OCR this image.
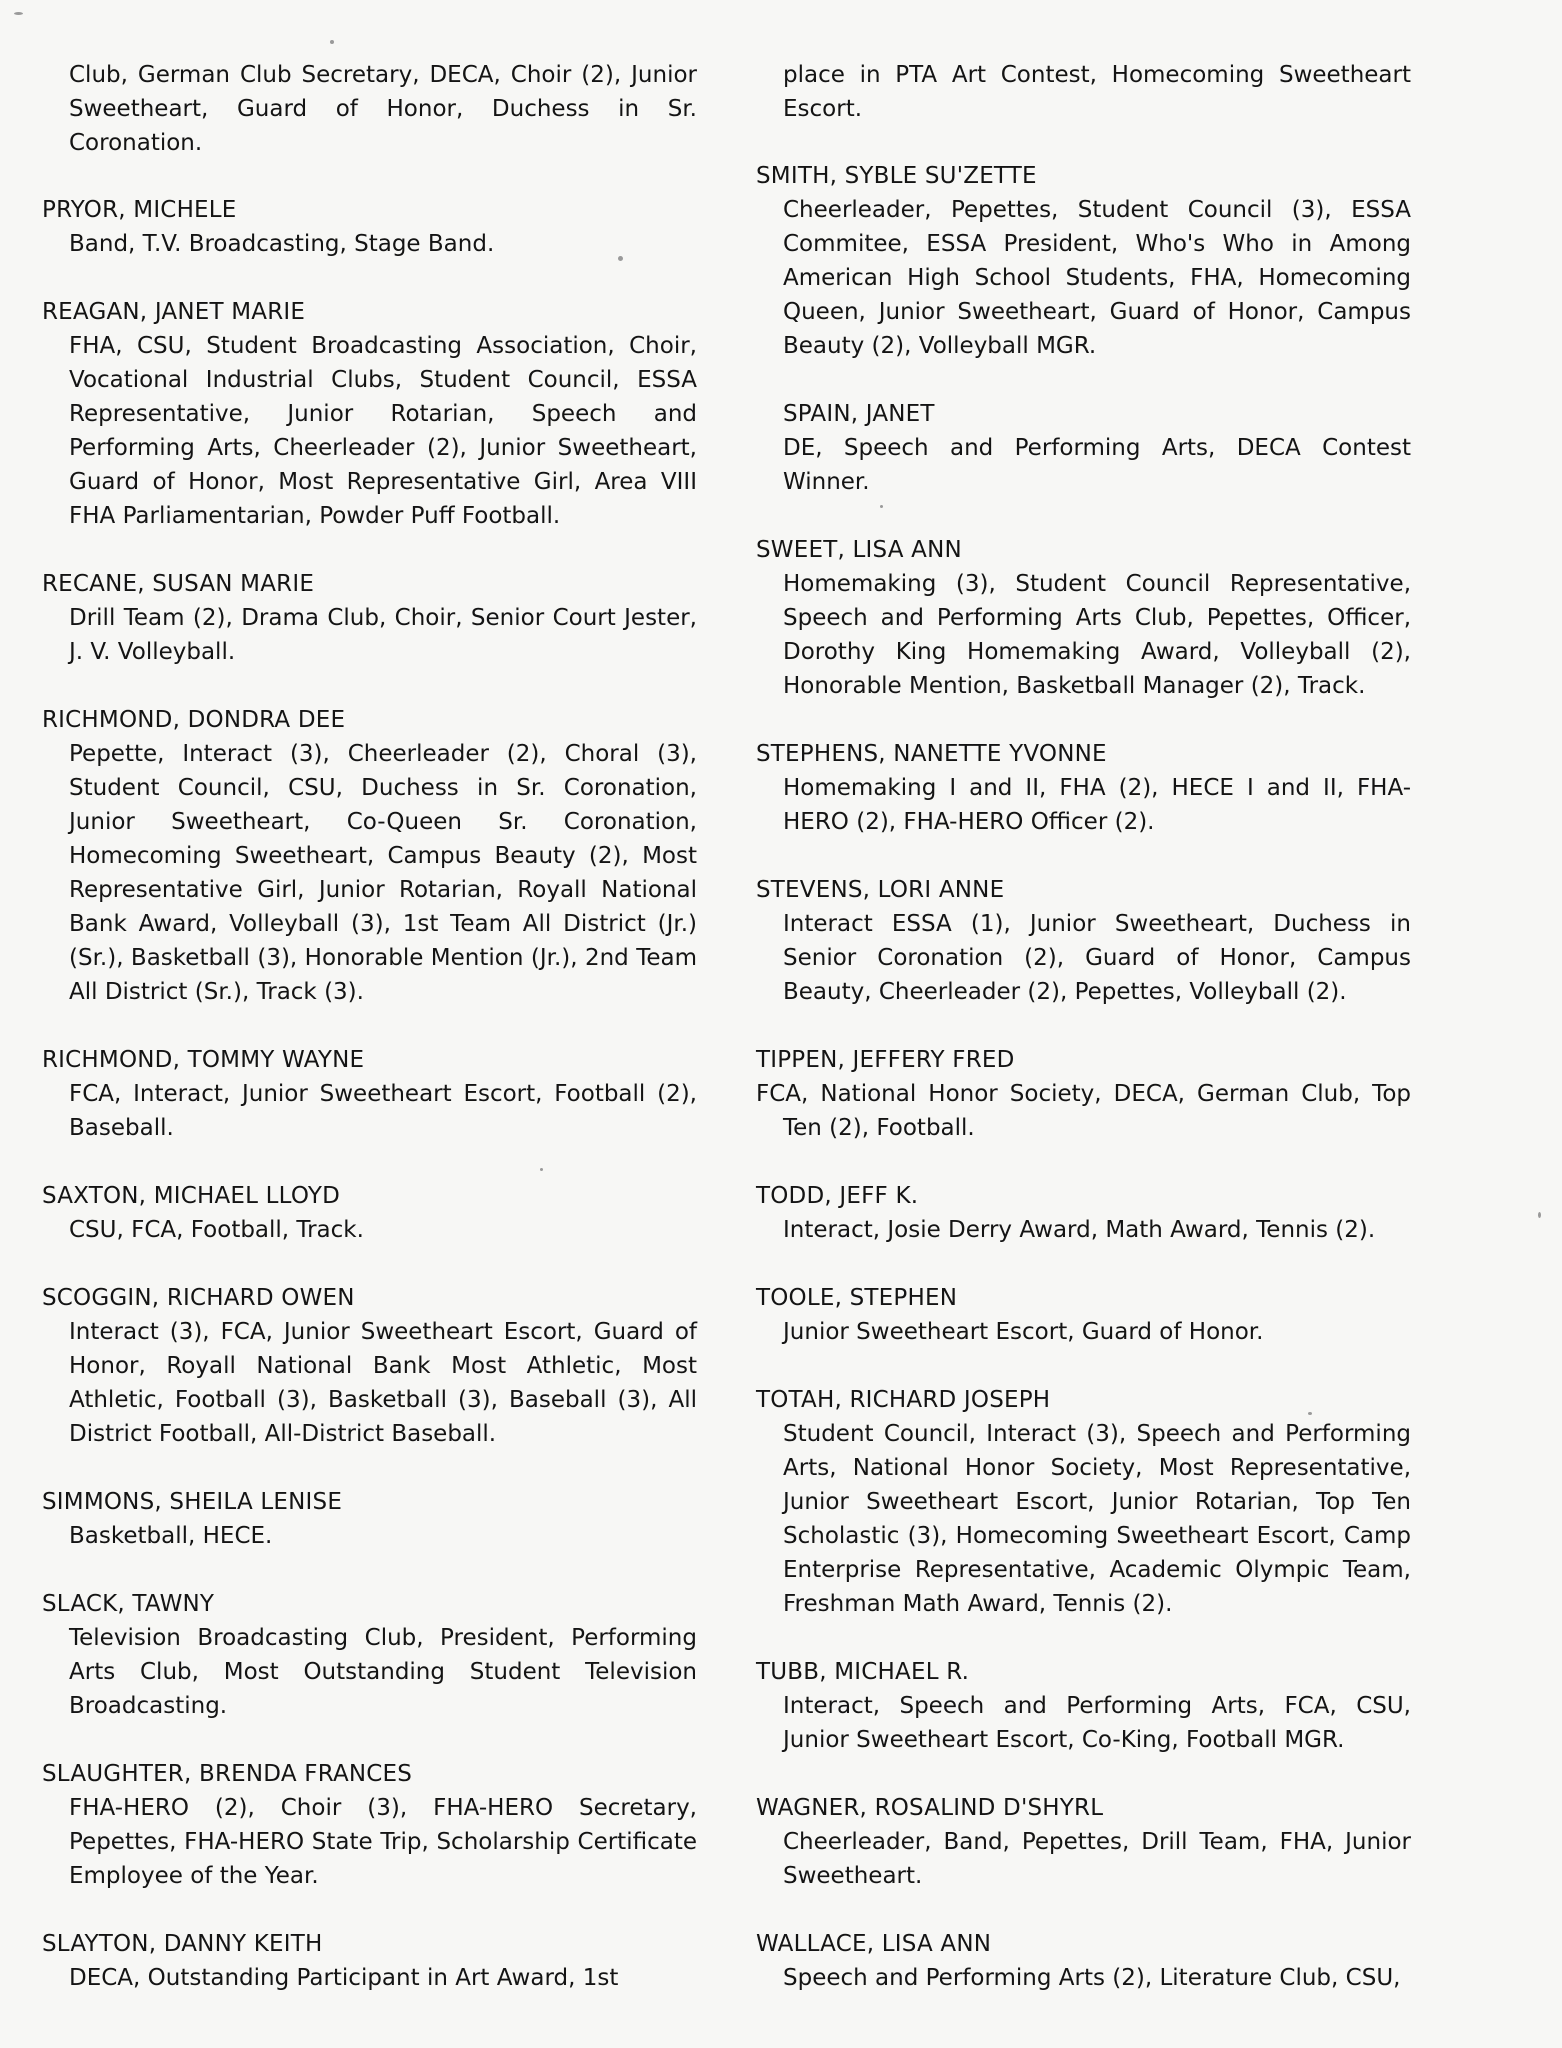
Club, German Club Secretary, DECA, Choir (2), Junior Sweetheart, Guard of Honor, Duchess in Sr. Coronation.
PRYOR, MICHELE
Band, T.V. Broadcasting, Stage Band.
REAGAN, JANET MARIE
FHA, CSU, Student Broadcasting Association, Choir, Vocational Industrial Clubs, Student Council, ESSA Representative, Junior Rotarian, Speech and Performing Arts, Cheerleader (2), Junior Sweetheart, Guard of Honor, Most Representative Girl, Area VIII FHA Parliamentarian, Powder Puff Football.
RECANE, SUSAN MARIE
Drill Team (2), Drama Club, Choir, Senior Court Jester, J. V. Volleyball.
RICHMOND, DONDRA DEE
Pepette, Interact (3), Cheerleader (2), Choral (3), Student Council, CSU, Duchess in Sr. Coronation, Junior Sweetheart, Co-Queen Sr. Coronation, Homecoming Sweetheart, Campus Beauty (2), Most Representative Girl, Junior Rotarian, Royall National Bank Award, Volleyball (3), 1st Team All District (Jr.) (Sr.), Basketball (3), Honorable Mention (Jr.), 2nd Team All District (Sr.), Track (3).
RICHMOND, TOMMY WAYNE
FCA, Interact, Junior Sweetheart Escort, Football (2), Baseball.
SAXTON, MICHAEL LLOYD
CSU, FCA, Football, Track.
SCOGGIN, RICHARD OWEN
Interact (3), FCA, Junior Sweetheart Escort, Guard of Honor, Royall National Bank Most Athletic, Most Athletic, Football (3), Basketball (3), Baseball (3), All District Football, All-District Baseball.
SIMMONS, SHEILA LENISE
Basketball, HECE.
SLACK, TAWNY
Television Broadcasting Club, President, Performing Arts Club, Most Outstanding Student Television Broadcasting.
SLAUGHTER, BRENDA FRANCES
FHA-HERO (2), Choir (3), FHA-HERO Secretary, Pepettes, FHA-HERO State Trip, Scholarship Certificate Employee of the Year.
SLAYTON, DANNY KEITH
DECA, Outstanding Participant in Art Award, 1st
place in PTA Art Contest, Homecoming Sweetheart Escort.
SMITH, SYBLE SU'ZETTE
Cheerleader, Pepettes, Student Council (3), ESSA Commitee, ESSA President, Who's Who in Among American High School Students, FHA, Homecoming Queen, Junior Sweetheart, Guard of Honor, Campus Beauty (2), Volleyball MGR.
SPAIN, JANET
DE, Speech and Performing Arts, DECA Contest Winner.
SWEET, LISA ANN
Homemaking (3), Student Council Representative, Speech and Performing Arts Club, Pepettes, Officer, Dorothy King Homemaking Award, Volleyball (2), Honorable Mention, Basketball Manager (2), Track.
STEPHENS, NANETTE YVONNE
Homemaking I and II, FHA (2), HECE I and II, FHA-HERO (2), FHA-HERO Officer (2).
STEVENS, LORI ANNE
Interact ESSA (1), Junior Sweetheart, Duchess in Senior Coronation (2), Guard of Honor, Campus Beauty, Cheerleader (2), Pepettes, Volleyball (2).
TIPPEN, JEFFERY FRED
FCA, National Honor Society, DECA, German Club, Top Ten (2), Football.
TODD, JEFF K.
Interact, Josie Derry Award, Math Award, Tennis (2).
TOOLE, STEPHEN
Junior Sweetheart Escort, Guard of Honor.
TOTAH, RICHARD JOSEPH
Student Council, Interact (3), Speech and Performing Arts, National Honor Society, Most Representative, Junior Sweetheart Escort, Junior Rotarian, Top Ten Scholastic (3), Homecoming Sweetheart Escort, Camp Enterprise Representative, Academic Olympic Team, Freshman Math Award, Tennis (2).
TUBB, MICHAEL R.
Interact, Speech and Performing Arts, FCA, CSU, Junior Sweetheart Escort, Co-King, Football MGR.
WAGNER, ROSALIND D'SHYRL
Cheerleader, Band, Pepettes, Drill Team, FHA, Junior Sweetheart.
WALLACE, LISA ANN
Speech and Performing Arts (2), Literature Club, CSU,
